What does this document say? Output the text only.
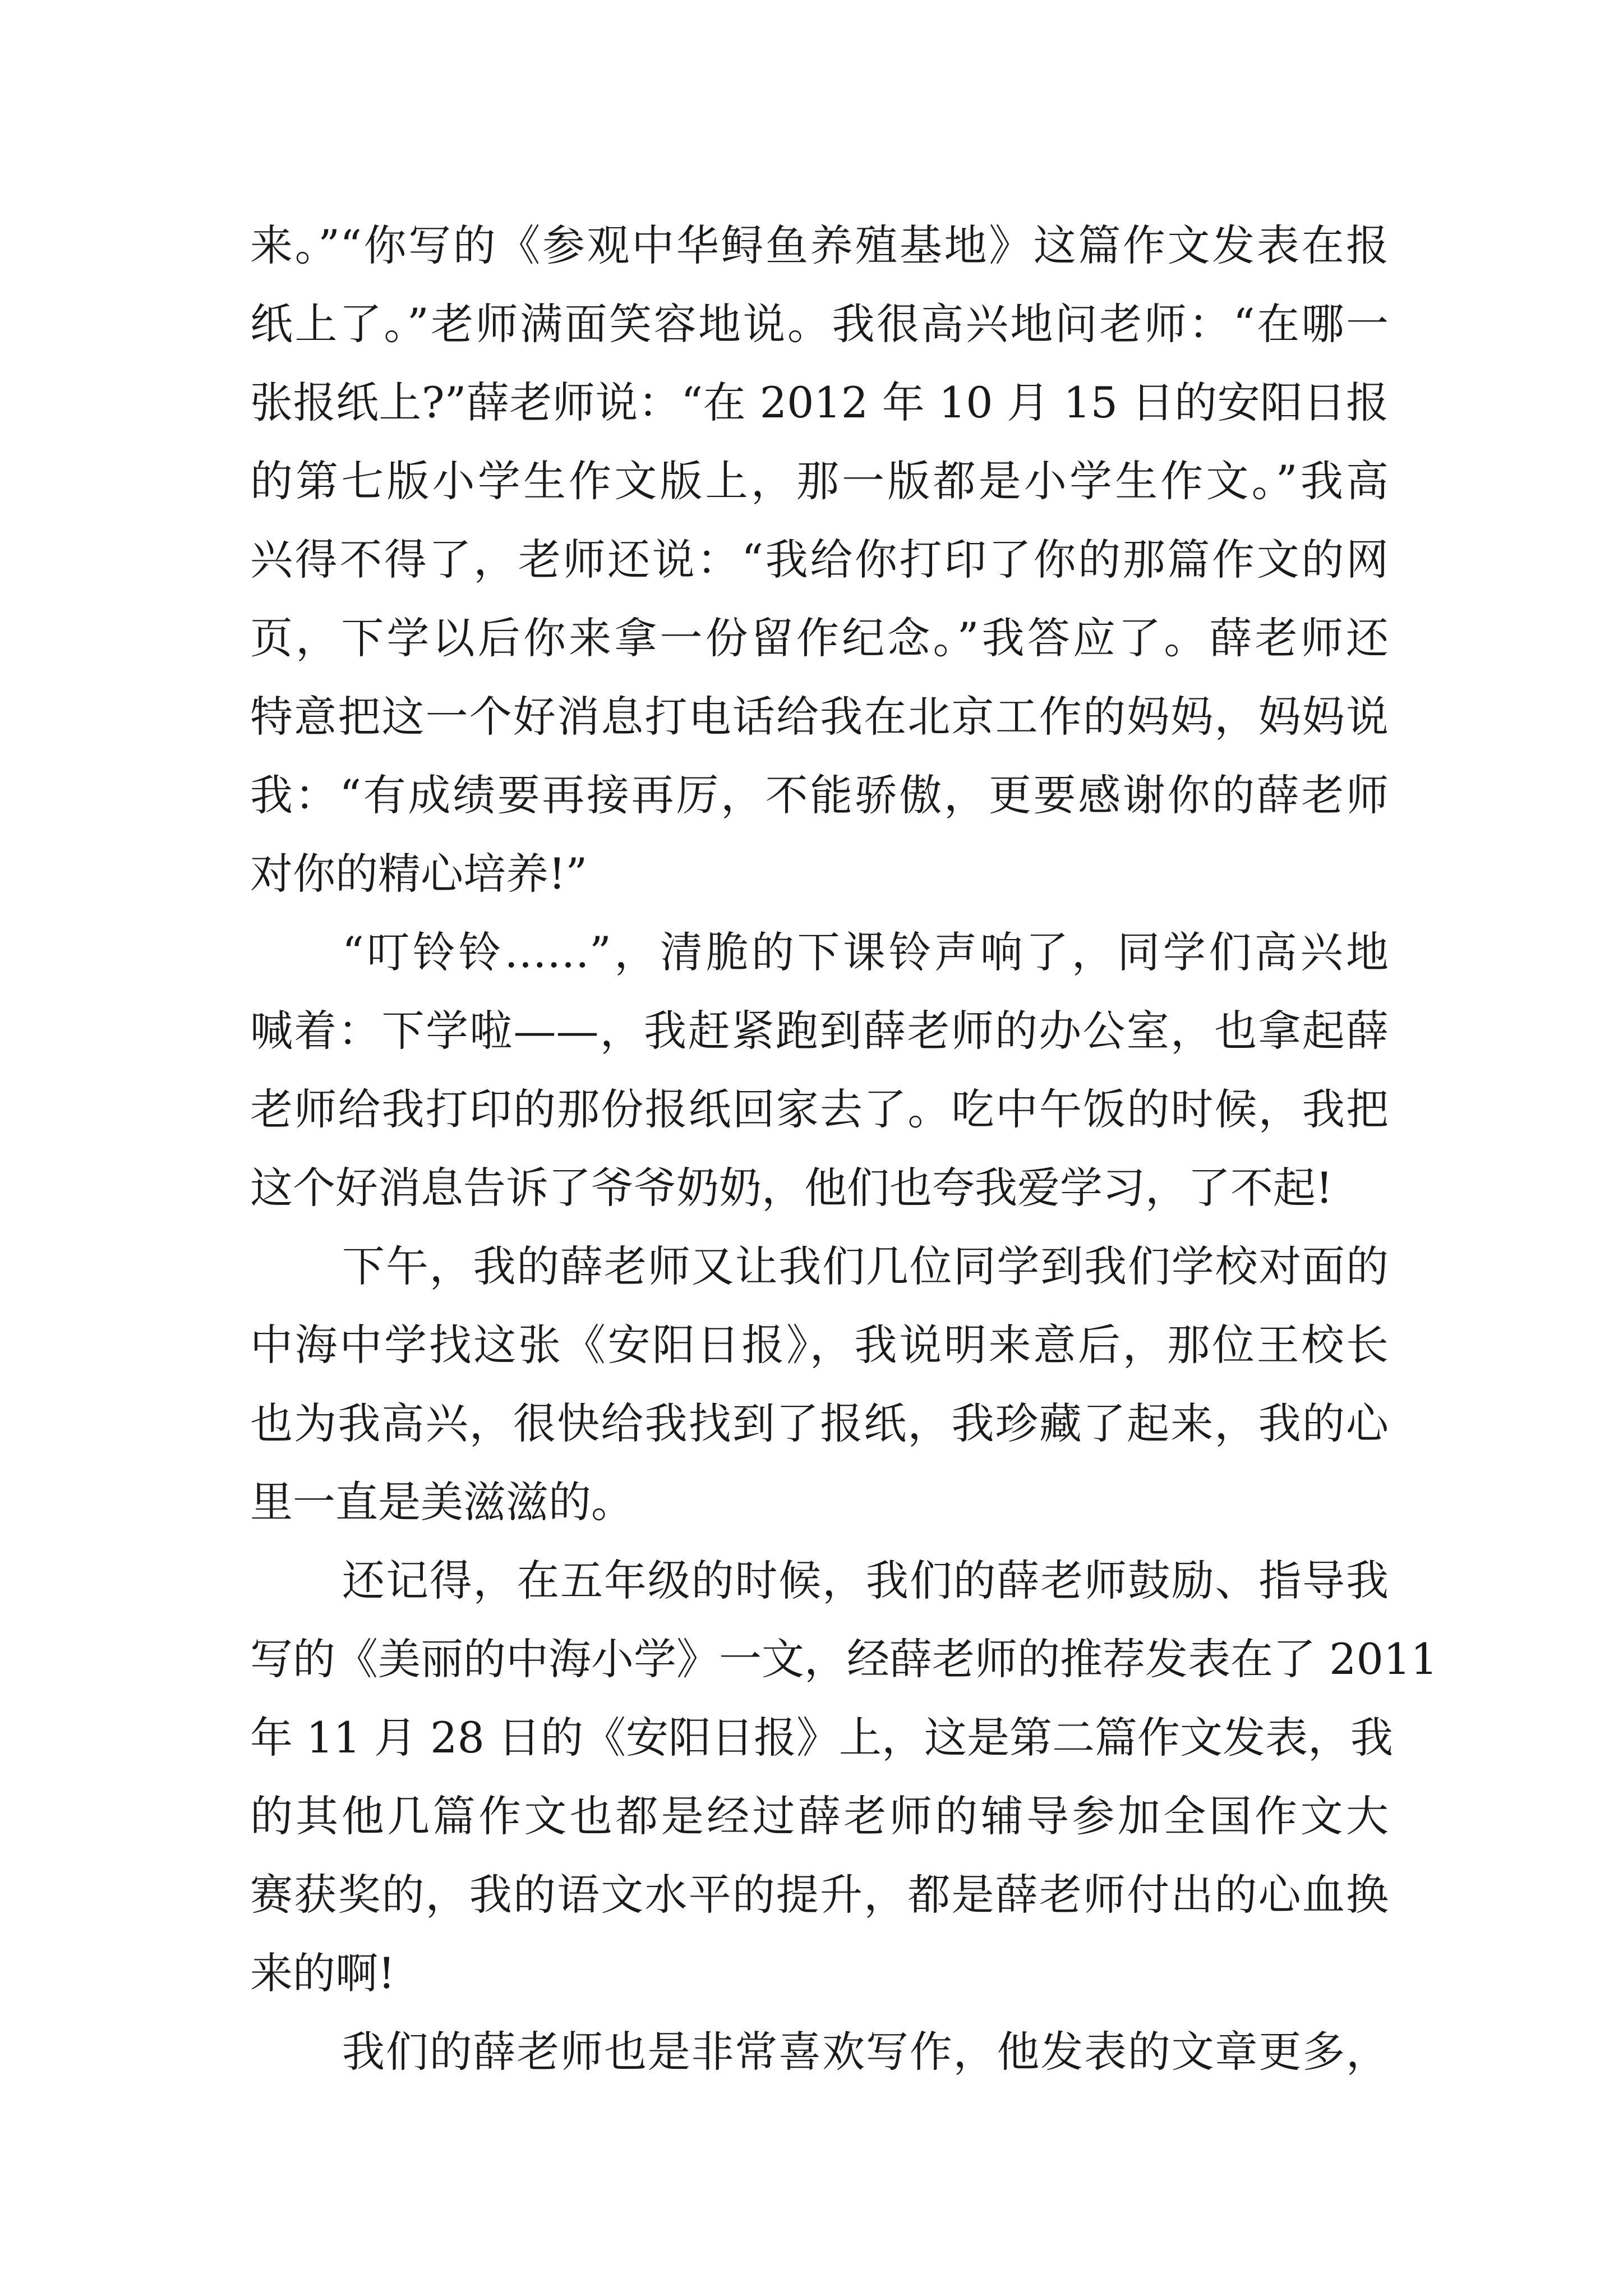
来。”“你写的《参观中华鲟鱼养殖基地》这篇作文发表在报
纸上了。”老师满面笑容地说。我很高兴地问老师：“在哪一
张报纸上?”薛老师说：“在 2012 年 10 月 15 日的安阳日报
的第七版小学生作文版上，那一版都是小学生作文。”我高
兴得不得了，老师还说：“我给你打印了你的那篇作文的网
页，下学以后你来拿一份留作纪念。”我答应了。薛老师还
特意把这一个好消息打电话给我在北京工作的妈妈，妈妈说
我：“有成绩要再接再厉，不能骄傲，更要感谢你的薛老师
对你的精心培养!”
“叮铃铃……”，清脆的下课铃声响了，同学们高兴地
喊着：下学啦——，我赶紧跑到薛老师的办公室，也拿起薛
老师给我打印的那份报纸回家去了。吃中午饭的时候，我把
这个好消息告诉了爷爷奶奶，他们也夸我爱学习，了不起!
下午，我的薛老师又让我们几位同学到我们学校对面的
中海中学找这张《安阳日报》，我说明来意后，那位王校长
也为我高兴，很快给我找到了报纸，我珍藏了起来，我的心
里一直是美滋滋的。
还记得，在五年级的时候，我们的薛老师鼓励、指导我
写的《美丽的中海小学》一文，经薛老师的推荐发表在了 2011
年 11 月 28 日的《安阳日报》上，这是第二篇作文发表，我
的其他几篇作文也都是经过薛老师的辅导参加全国作文大
赛获奖的，我的语文水平的提升，都是薛老师付出的心血换
来的啊!
我们的薛老师也是非常喜欢写作，他发表的文章更多，
